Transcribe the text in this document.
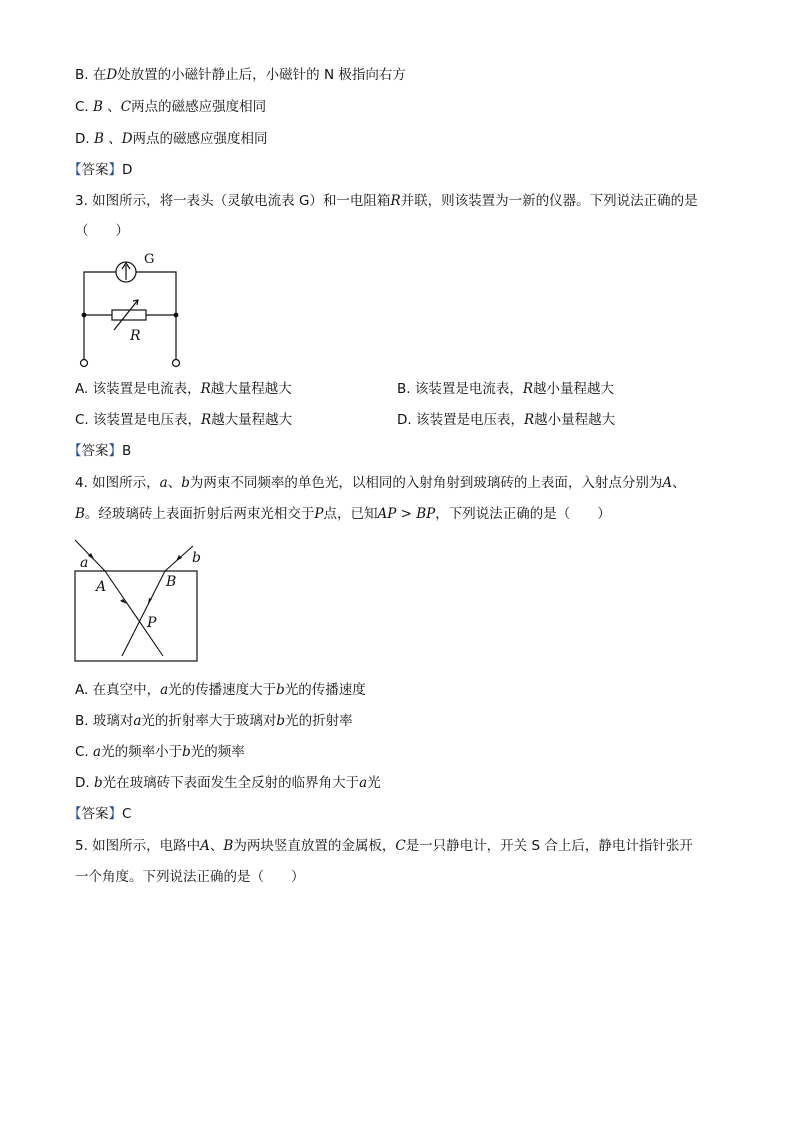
B. 在D处放置的小磁针静止后，小磁针的 N 极指向右方
C. B 、C两点的磁感应强度相同
D. B 、D两点的磁感应强度相同
【答案】D
3. 如图所示，将一表头（灵敏电流表 G）和一电阻箱R并联，则该装置为一新的仪器。下列说法正确的是
（　　）
G
R
A. 该装置是电流表，R越大量程越大	B. 该装置是电流表，R越小量程越大
C. 该装置是电压表，R越大量程越大	D. 该装置是电压表，R越小量程越大
【答案】B
4. 如图所示，a、b为两束不同频率的单色光，以相同的入射角射到玻璃砖的上表面，入射点分别为A、
B。经玻璃砖上表面折射后两束光相交于P点，已知AP > BP，下列说法正确的是（　　）
a	b
A	B
P
A. 在真空中，a光的传播速度大于b光的传播速度
B. 玻璃对a光的折射率大于玻璃对b光的折射率
C. a光的频率小于b光的频率
D. b光在玻璃砖下表面发生全反射的临界角大于a光
【答案】C
5. 如图所示，电路中A、B为两块竖直放置的金属板，C是一只静电计，开关 S 合上后，静电计指针张开
一个角度。下列说法正确的是（　　）
